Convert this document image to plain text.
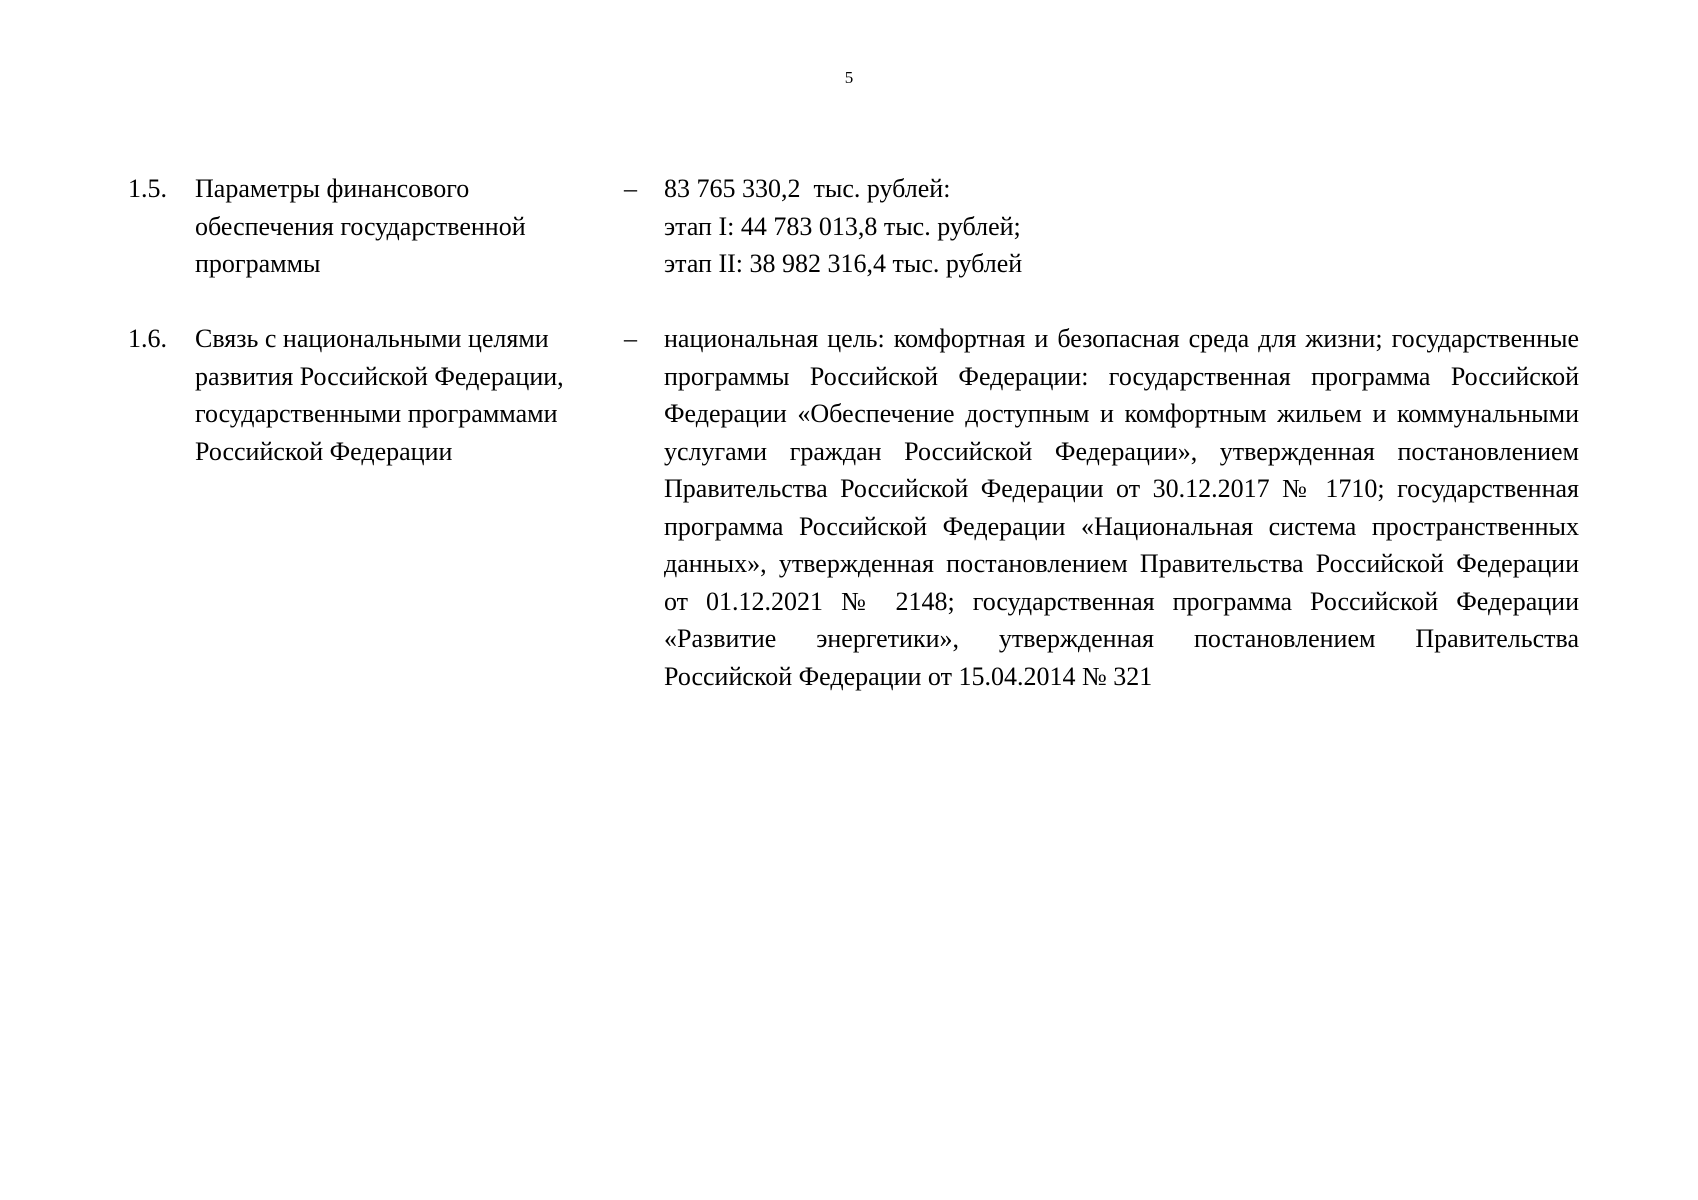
5
1.5. Параметры финансового
обеспечения государственной
программы
– 83 765 330,2  тыс. рублей:
этап I: 44 783 013,8 тыс. рублей;
этап II: 38 982 316,4 тыс. рублей
1.6. Связь с национальными целями
развития Российской Федерации,
государственными программами
Российской Федерации
– национальная цель: комфортная и безопасная среда для жизни; государственные программы Российской Федерации: государственная программа Российской Федерации «Обеспечение доступным и комфортным жильем и коммунальными услугами граждан Российской Федерации», утвержденная постановлением Правительства Российской Федерации от 30.12.2017 № 1710; государственная программа Российской Федерации «Национальная система пространственных данных», утвержденная постановлением Правительства Российской Федерации от 01.12.2021 № 2148; государственная программа Российской Федерации «Развитие энергетики», утвержденная постановлением Правительства Российской Федерации от 15.04.2014 № 321
